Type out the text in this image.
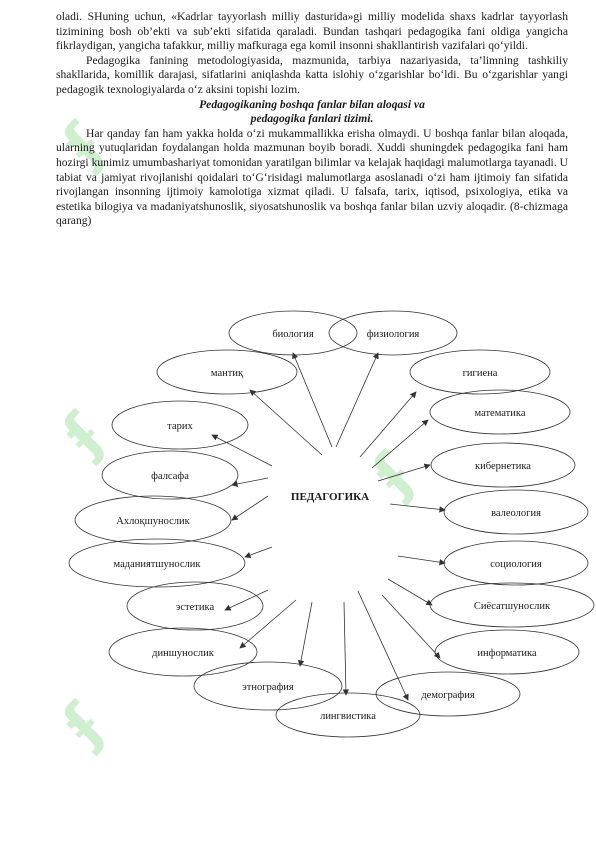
ʄ
ʄ
ʄ
ʄ

oladi. SHuning uchun, «Kadrlar tayyorlash milliy dasturida»gi milliy modelida shaxs kadrlar tayyorlash tizimining bosh ob’ekti va sub’ekti sifatida qaraladi. Bundan tashqari pedagogika fani oldiga yangicha fikrlaydigan, yangicha tafakkur, milliy mafkuraga ega komil insonni shakllantirish vazifalari qo‘yildi.

Pedagogika fanining metodologiyasida, mazmunida, tarbiya nazariyasida, ta’limning tashkiliy shakllarida, komillik darajasi, sifatlarini aniqlashda katta islohiy o‘zgarishlar bo‘ldi. Bu o‘zgarishlar yangi pedagogik texnologiyalarda o‘z aksini topishi lozim.

Pedagogikaning boshqa fanlar bilan aloqasi va

pedagogika fanlari tizimi.

Har qanday fan ham yakka holda o‘zi mukammallikka erisha olmaydi. U boshqa fanlar bilan aloqada, ularning yutuqlaridan foydalangan holda mazmunan boyib boradi. Xuddi shuningdek pedagogika fani ham hozirgi kunimiz umumbashariyat tomonidan yaratilgan bilimlar va kelajak haqidagi malumotlarga tayanadi. U tabiat va jamiyat rivojlanishi qoidalari to‘G‘risidagi malumotlarga asoslanadi o‘zi ham ijtimoiy fan sifatida rivojlangan insonning ijtimoiy kamolotiga xizmat qiladi. U falsafa, tarix, iqtisod, psixologiya, etika va estetika bilogiya va madaniyatshunoslik, siyosatshunoslik va boshqa fanlar bilan uzviy aloqadir. (8-chizmaga qarang)

ПЕДАГОГИКА
биология	физиология
мантиқ	гигиена
тарих
математика
фалсафа
кибернетика
Ахлоқшунослик
валеология
маданиятшунослик	социология
эстетика	Сиёсатшунослик
диншунослик	информатика
этнография
демография
лингвистика
